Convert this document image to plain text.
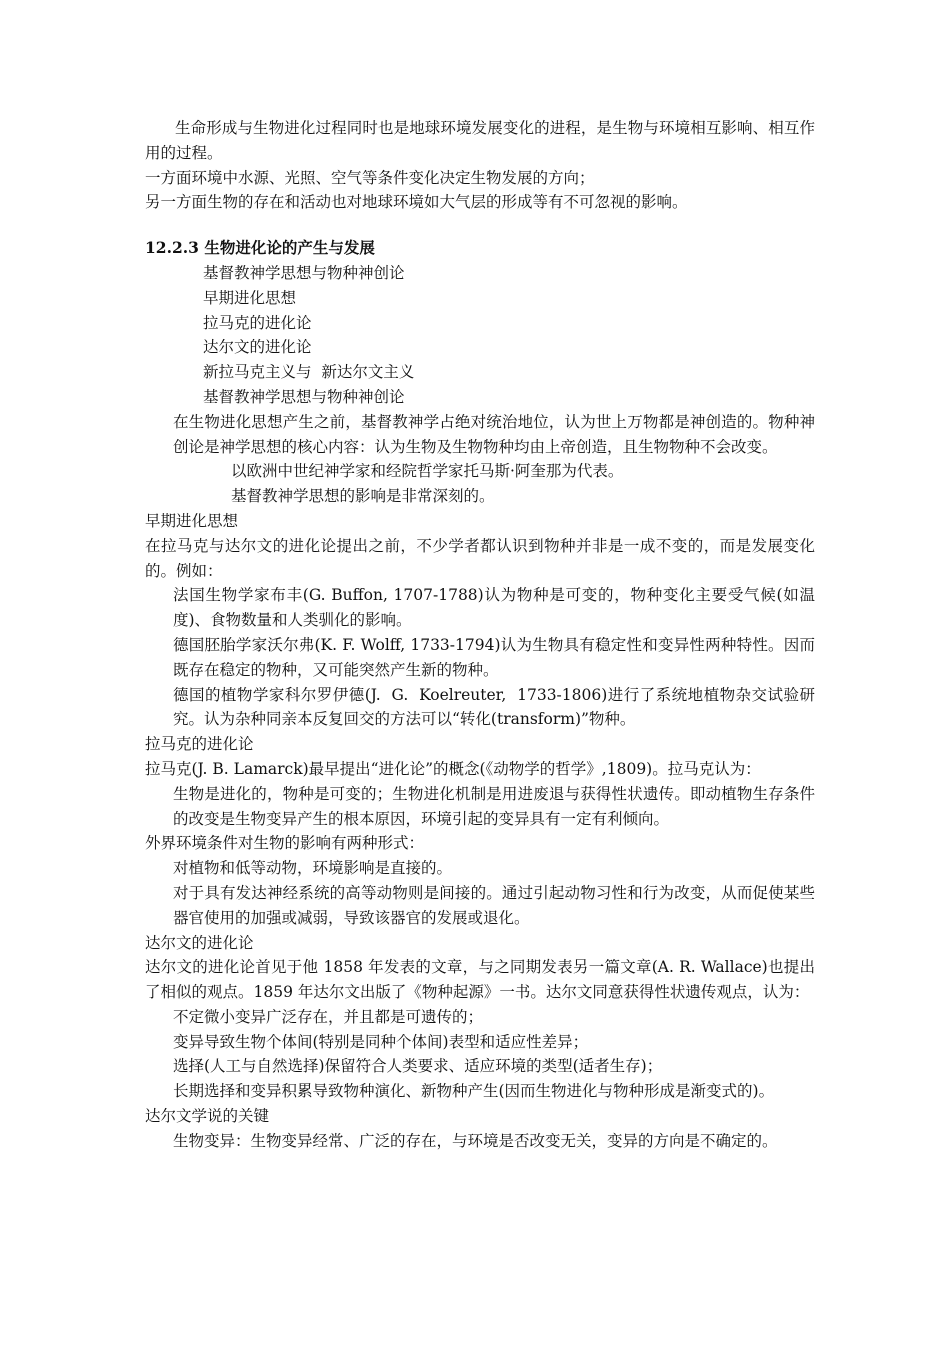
生命形成与生物进化过程同时也是地球环境发展变化的进程，是生物与环境相互影响、相互作用的过程。

一方面环境中水源、光照、空气等条件变化决定生物发展的方向；

另一方面生物的存在和活动也对地球环境如大气层的形成等有不可忽视的影响。

12.2.3 生物进化论的产生与发展

基督教神学思想与物种神创论

早期进化思想

拉马克的进化论

达尔文的进化论

新拉马克主义与  新达尔文主义

基督教神学思想与物种神创论

在生物进化思想产生之前，基督教神学占绝对统治地位，认为世上万物都是神创造的。物种神创论是神学思想的核心内容：认为生物及生物物种均由上帝创造，且生物物种不会改变。

以欧洲中世纪神学家和经院哲学家托马斯·阿奎那为代表。

基督教神学思想的影响是非常深刻的。

早期进化思想

在拉马克与达尔文的进化论提出之前，不少学者都认识到物种并非是一成不变的，而是发展变化的。例如：

法国生物学家布丰(G. Buffon, 1707-1788)认为物种是可变的，物种变化主要受气候(如温度)、食物数量和人类驯化的影响。

德国胚胎学家沃尔弗(K. F. Wolff, 1733-1794)认为生物具有稳定性和变异性两种特性。因而既存在稳定的物种，又可能突然产生新的物种。

德国的植物学家科尔罗伊德(J.  G.  Koelreuter,  1733-1806)进行了系统地植物杂交试验研究。认为杂种同亲本反复回交的方法可以“转化(transform)”物种。

拉马克的进化论

拉马克(J. B. Lamarck)最早提出“进化论”的概念(《动物学的哲学》,1809)。拉马克认为：

生物是进化的，物种是可变的；生物进化机制是用进废退与获得性状遗传。即动植物生存条件的改变是生物变异产生的根本原因，环境引起的变异具有一定有利倾向。

外界环境条件对生物的影响有两种形式：

对植物和低等动物，环境影响是直接的。

对于具有发达神经系统的高等动物则是间接的。通过引起动物习性和行为改变，从而促使某些器官使用的加强或减弱，导致该器官的发展或退化。

达尔文的进化论

达尔文的进化论首见于他 1858 年发表的文章，与之同期发表另一篇文章(A. R. Wallace)也提出了相似的观点。1859 年达尔文出版了《物种起源》一书。达尔文同意获得性状遗传观点，认为：

不定微小变异广泛存在，并且都是可遗传的；

变异导致生物个体间(特别是同种个体间)表型和适应性差异；

选择(人工与自然选择)保留符合人类要求、适应环境的类型(适者生存)；

长期选择和变异积累导致物种演化、新物种产生(因而生物进化与物种形成是渐变式的)。

达尔文学说的关键

生物变异：生物变异经常、广泛的存在，与环境是否改变无关，变异的方向是不确定的。
